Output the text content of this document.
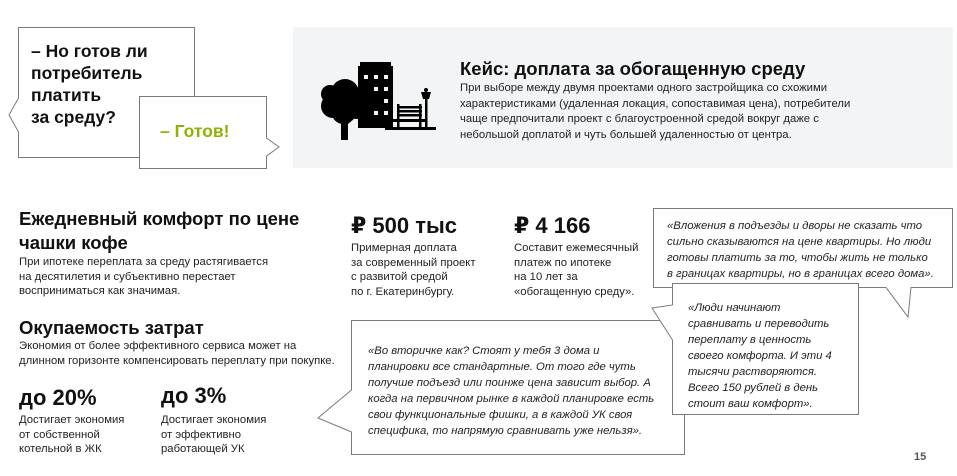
– Но готов ли
потребитель
платить
за среду?
– Готов!
Кейс: доплата за обогащенную среду
При выборе между двумя проектами одного застройщика со схожими
характеристиками (удаленная локация, сопоставимая цена), потребители
чаще предпочитали проект с благоустроенной средой вокруг даже с
небольшой доплатой и чуть большей удаленностью от центра.
Ежедневный комфорт по цене
чашки кофе
При ипотеке переплата за среду растягивается
на десятилетия и субъективно перестает
восприниматься как значимая.
Окупаемость затрат
Экономия от более эффективного сервиса может на
длинном горизонте компенсировать переплату при покупке.
₽ 500 тыс
Примерная доплата
за современный проект
с развитой средой
по г. Екатеринбургу.
₽ 4 166
Составит ежемесячный
платеж по ипотеке
на 10 лет за
«обогащенную среду».
до 20%
Достигает экономия
от собственной
котельной в ЖК
до 3%
Достигает экономия
от эффективно
работающей УК
«Вложения в подъезды и дворы не сказать что
сильно сказываются на цене квартиры. Но люди
готовы платить за то, чтобы жить не только
в границах квартиры, но в границах всего дома».
«Во вторичке как? Стоят у тебя 3 дома и
планировки все стандартные. От того где чуть
получше подъезд или поинже цена зависит выбор. А
когда на первичном рынке в каждой планировке есть
свои функциональные фишки, а в каждой УК своя
специфика, то напрямую сравнивать уже нельзя».
«Люди начинают
сравнивать и переводить
переплату в ценность
своего комфорта. И эти 4
тысячи растворяются.
Всего 150 рублей в день
стоит ваш комфорт».
15
